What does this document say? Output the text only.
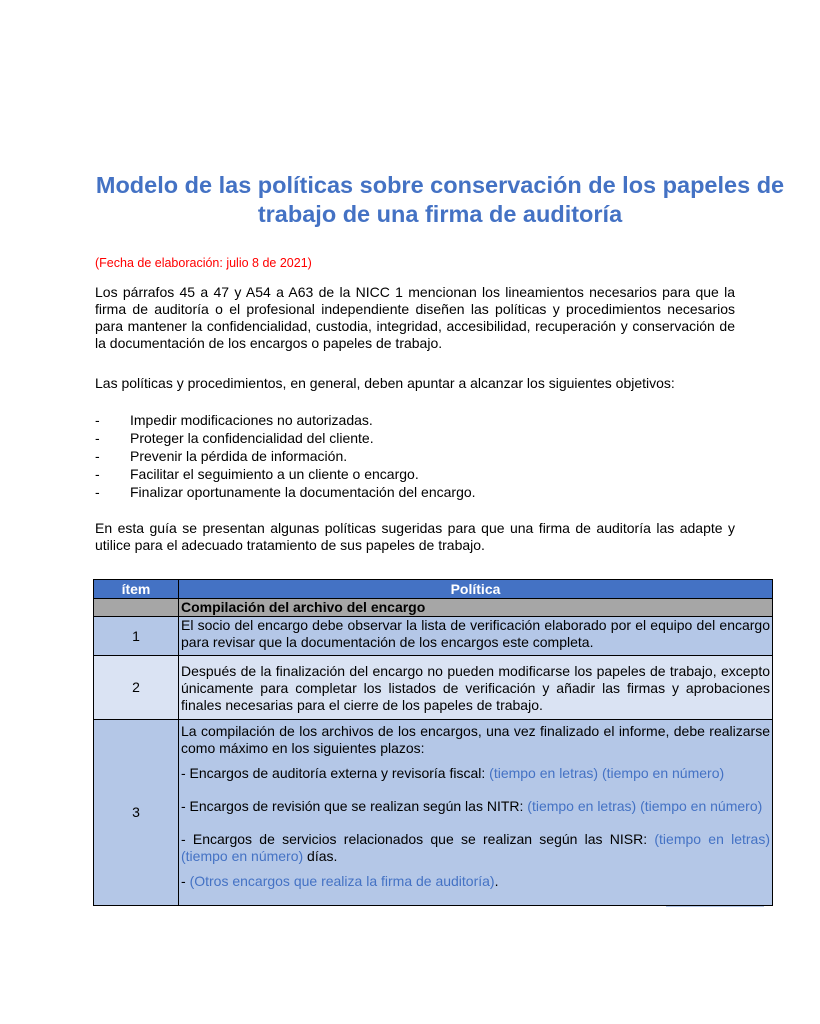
Modelo de las políticas sobre conservación de los papeles de
trabajo de una firma de auditoría
(Fecha de elaboración: julio 8 de 2021)
Los párrafos 45 a 47 y A54 a A63 de la NICC 1 mencionan los lineamientos necesarios para que la firma de auditoría o el profesional independiente diseñen las políticas y procedimientos necesarios para mantener la confidencialidad, custodia, integridad, accesibilidad, recuperación y conservación de la documentación de los encargos o papeles de trabajo.
Las políticas y procedimientos, en general, deben apuntar a alcanzar los siguientes objetivos:
-	Impedir modificaciones no autorizadas.
-	Proteger la confidencialidad del cliente.
-	Prevenir la pérdida de información.
-	Facilitar el seguimiento a un cliente o encargo.
-	Finalizar oportunamente la documentación del encargo.
En esta guía se presentan algunas políticas sugeridas para que una firma de auditoría las adapte y utilice para el adecuado tratamiento de sus papeles de trabajo.
ítem	Política
	Compilación del archivo del encargo
1	El socio del encargo debe observar la lista de verificación elaborado por el equipo del encargo para revisar que la documentación de los encargos este completa.
2	Después de la finalización del encargo no pueden modificarse los papeles de trabajo, excepto únicamente para completar los listados de verificación y añadir las firmas y aprobaciones finales necesarias para el cierre de los papeles de trabajo.
3	La compilación de los archivos de los encargos, una vez finalizado el informe, debe realizarse como máximo en los siguientes plazos:
- Encargos de auditoría externa y revisoría fiscal: (tiempo en letras) (tiempo en número)
- Encargos de revisión que se realizan según las NITR: (tiempo en letras) (tiempo en número)
- Encargos de servicios relacionados que se realizan según las NISR: (tiempo en letras) (tiempo en número) días.
- (Otros encargos que realiza la firma de auditoría).
